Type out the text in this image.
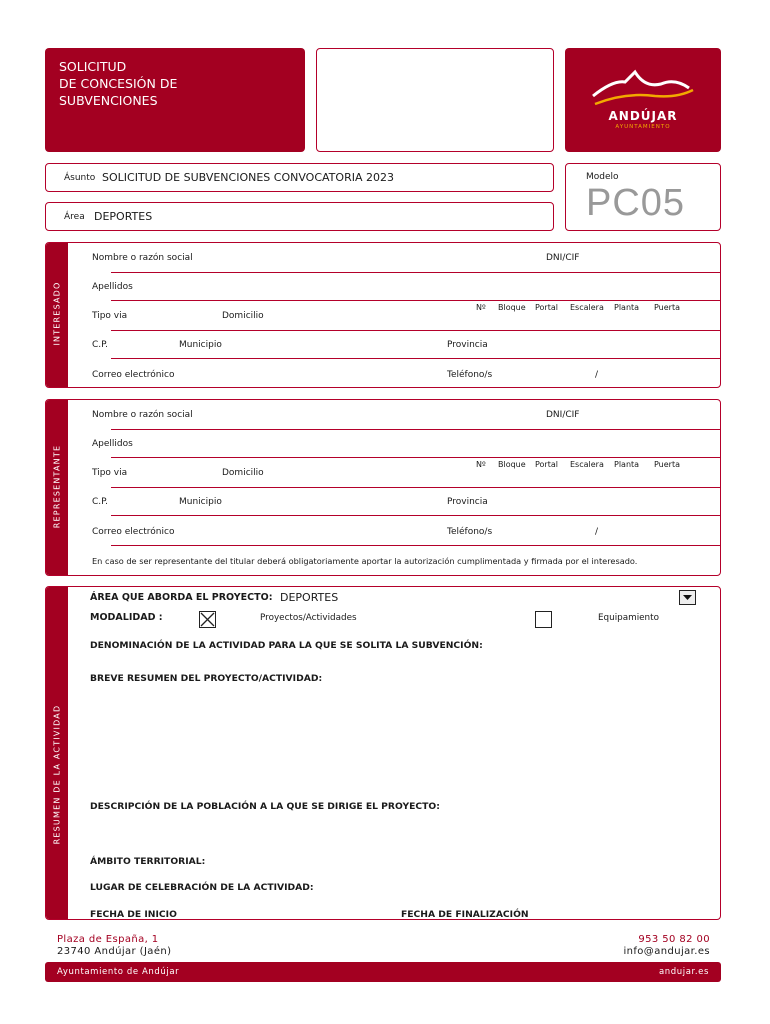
SOLICITUD
DE CONCESIÓN DE
SUBVENCIONES
ANDÚJAR
AYUNTAMIENTO
Ásunto SOLICITUD DE SUBVENCIONES CONVOCATORIA 2023
Área DEPORTES
Modelo
PC05
INTERESADO
Nombre o razón social	DNI/CIF
Apellidos
Tipo via	Domicilio
Nº Bloque Portal Escalera Planta Puerta
C.P.	Municipio	Provincia
Correo electrónico	Teléfono/s	/
REPRESENTANTE
Nombre o razón social	DNI/CIF
Apellidos
Tipo via	Domicilio
Nº Bloque Portal Escalera Planta Puerta
C.P.	Municipio	Provincia
Correo electrónico	Teléfono/s	/
En caso de ser representante del titular deberá obligatoriamente aportar la autorización cumplimentada y firmada por el interesado.
RESUMEN DE LA ACTIVIDAD
ÁREA QUE ABORDA EL PROYECTO: DEPORTES
MODALIDAD :	Proyectos/Actividades	Equipamiento
DENOMINACIÓN DE LA ACTIVIDAD PARA LA QUE SE SOLITA LA SUBVENCIÓN:
BREVE RESUMEN DEL PROYECTO/ACTIVIDAD:
DESCRIPCIÓN DE LA POBLACIÓN A LA QUE SE DIRIGE EL PROYECTO:
ÁMBITO TERRITORIAL:
LUGAR DE CELEBRACIÓN DE LA ACTIVIDAD:
FECHA DE INICIO	FECHA DE FINALIZACIÓN
Plaza de España, 1
23740 Andújar (Jaén)
953 50 82 00
info@andujar.es
Ayuntamiento de Andújar	andujar.es
